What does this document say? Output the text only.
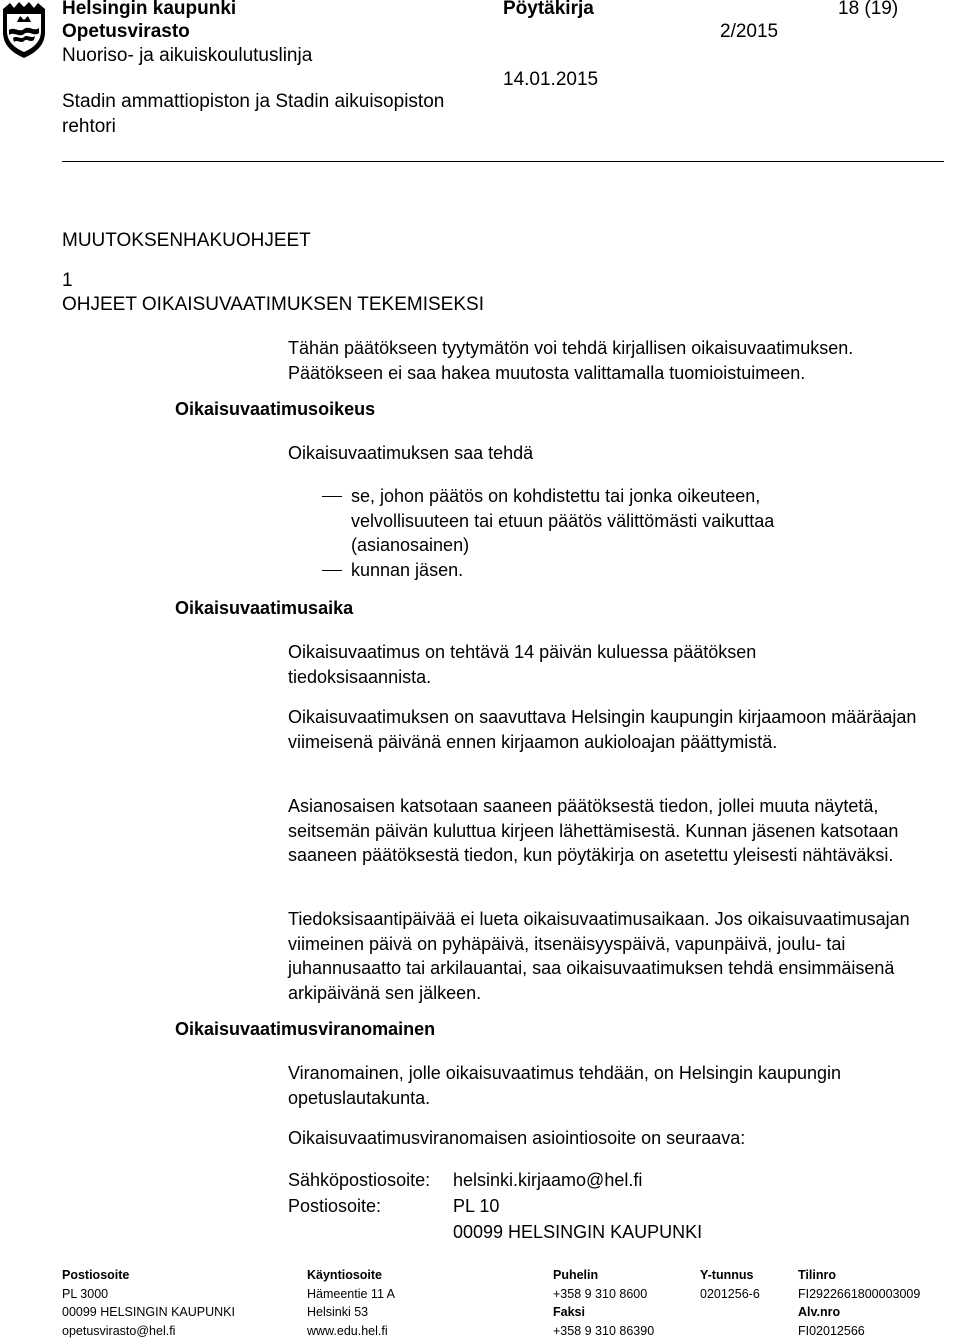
Helsingin kaupunki
Opetusvirasto
Nuoriso- ja aikuiskoulutuslinja
Stadin ammattiopiston ja Stadin aikuisopiston
rehtori
Pöytäkirja
2/2015
14.01.2015
18 (19)
MUUTOKSENHAKUOHJEET
1
OHJEET OIKAISUVAATIMUKSEN TEKEMISEKSI
Tähän päätökseen tyytymätön voi tehdä kirjallisen oikaisuvaatimuksen. Päätökseen ei saa hakea muutosta valittamalla tuomioistuimeen.
Oikaisuvaatimusoikeus
Oikaisuvaatimuksen saa tehdä
se, johon päätös on kohdistettu tai jonka oikeuteen, velvollisuuteen tai etuun päätös välittömästi vaikuttaa (asianosainen)
kunnan jäsen.
Oikaisuvaatimusaika
Oikaisuvaatimus on tehtävä 14 päivän kuluessa päätöksen tiedoksisaannista.
Oikaisuvaatimuksen on saavuttava Helsingin kaupungin kirjaamoon määräajan viimeisenä päivänä ennen kirjaamon aukioloajan päättymistä.
Asianosaisen katsotaan saaneen päätöksestä tiedon, jollei muuta näytetä, seitsemän päivän kuluttua kirjeen lähettämisestä. Kunnan jäsenen katsotaan saaneen päätöksestä tiedon, kun pöytäkirja on asetettu yleisesti nähtäväksi.
Tiedoksisaantipäivää ei lueta oikaisuvaatimusaikaan. Jos oikaisuvaatimusajan viimeinen päivä on pyhäpäivä, itsenäisyyspäivä, vapunpäivä, joulu- tai juhannusaatto tai arkilauantai, saa oikaisuvaatimuksen tehdä ensimmäisenä arkipäivänä sen jälkeen.
Oikaisuvaatimusviranomainen
Viranomainen, jolle oikaisuvaatimus tehdään, on Helsingin kaupungin opetuslautakunta.
Oikaisuvaatimusviranomaisen asiointiosoite on seuraava:
Sähköpostiosoite: helsinki.kirjaamo@hel.fi
Postiosoite:	PL 10
00099 HELSINGIN KAUPUNKI
Postiosoite
PL 3000
00099 HELSINGIN KAUPUNKI
opetusvirasto@hel.fi
Käyntiosoite
Hämeentie 11 A
Helsinki 53
www.edu.hel.fi
Puhelin
+358 9 310 8600
Faksi
+358 9 310 86390
Y-tunnus
0201256-6
Tilinro
FI2922661800003009
Alv.nro
FI02012566
